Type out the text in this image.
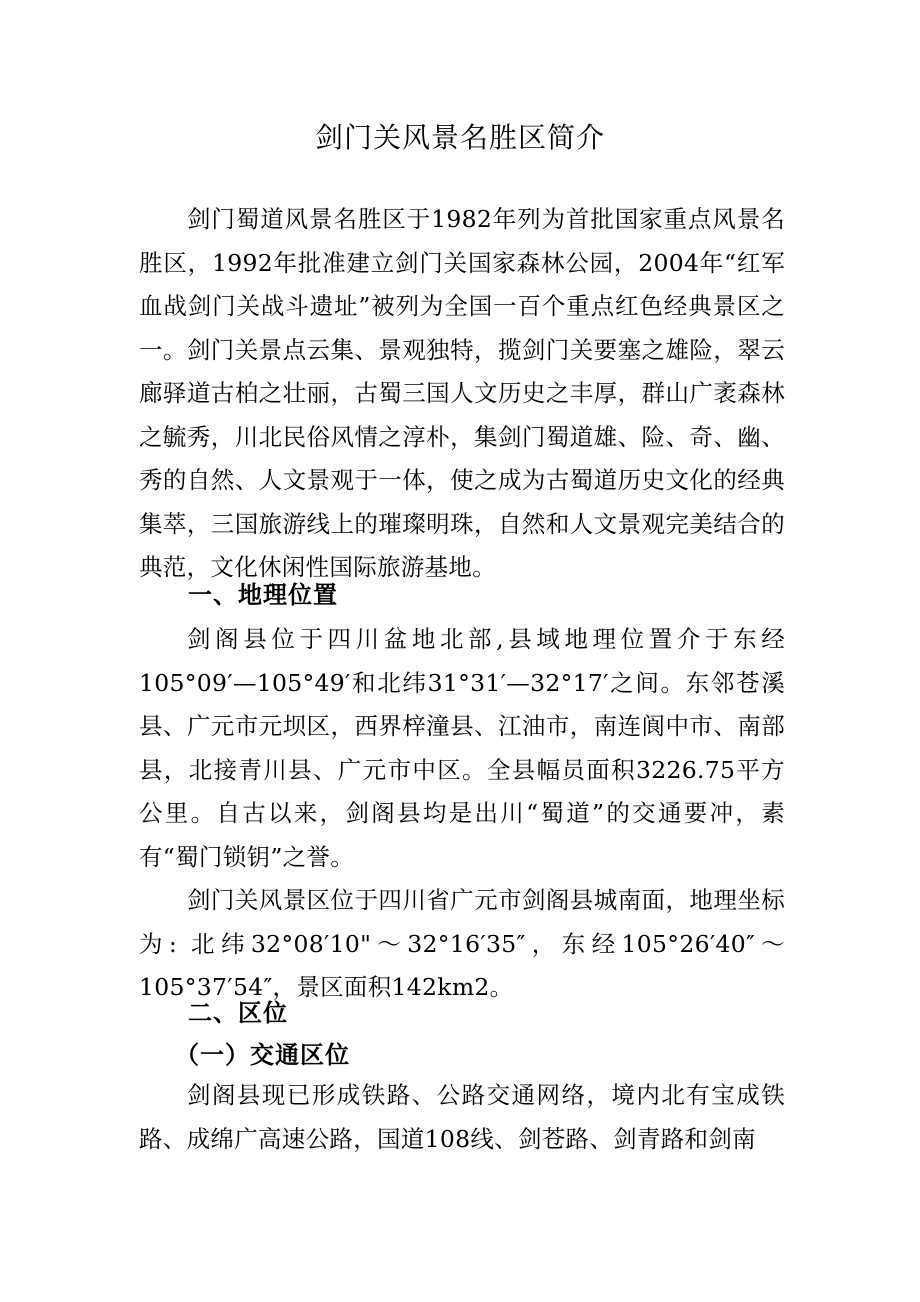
剑门关风景名胜区简介

剑门蜀道风景名胜区于1982年列为首批国家重点风景名胜区，1992年批准建立剑门关国家森林公园，2004年“红军血战剑门关战斗遗址”被列为全国一百个重点红色经典景区之一。剑门关景点云集、景观独特，揽剑门关要塞之雄险，翠云廊驿道古柏之壮丽，古蜀三国人文历史之丰厚，群山广袤森林之毓秀，川北民俗风情之淳朴，集剑门蜀道雄、险、奇、幽、秀的自然、人文景观于一体，使之成为古蜀道历史文化的经典集萃，三国旅游线上的璀璨明珠，自然和人文景观完美结合的典范，文化休闲性国际旅游基地。

一、地理位置

剑阁县位于四川盆地北部,县域地理位置介于东经105°09′—105°49′和北纬31°31′—32°17′之间。东邻苍溪县、广元市元坝区，西界梓潼县、江油市，南连阆中市、南部县，北接青川县、广元市中区。全县幅员面积3226.75平方公里。自古以来，剑阁县均是出川“蜀道”的交通要冲，素有“蜀门锁钥”之誉。

剑门关风景区位于四川省广元市剑阁县城南面，地理坐标为: 北纬32°08′10"～32°16′35″，东经105°26′40″～105°37′54″，景区面积142km2。

二、区位
（一）交通区位

剑阁县现已形成铁路、公路交通网络，境内北有宝成铁路、成绵广高速公路，国道108线、剑苍路、剑青路和剑南
